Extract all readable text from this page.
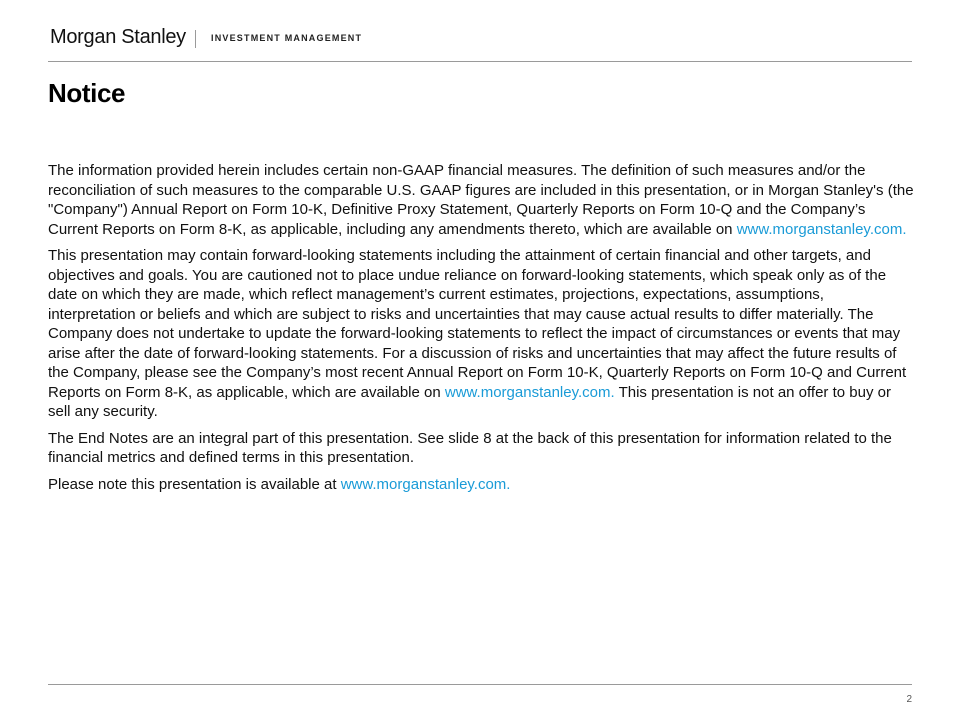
Morgan Stanley	INVESTMENT MANAGEMENT
Notice

The information provided herein includes certain non-GAAP financial measures. The definition of such measures and/or the reconciliation of such measures to the comparable U.S. GAAP figures are included in this presentation, or in Morgan Stanley's (the "Company") Annual Report on Form 10-K, Definitive Proxy Statement, Quarterly Reports on Form 10-Q and the Company’s Current Reports on Form 8-K, as applicable, including any amendments thereto, which are available on www.morganstanley.com.

This presentation may contain forward-looking statements including the attainment of certain financial and other targets, and objectives and goals. You are cautioned not to place undue reliance on forward-looking statements, which speak only as of the date on which they are made, which reflect management’s current estimates, projections, expectations, assumptions, interpretation or beliefs and which are subject to risks and uncertainties that may cause actual results to differ materially. The Company does not undertake to update the forward-looking statements to reflect the impact of circumstances or events that may arise after the date of forward-looking statements. For a discussion of risks and uncertainties that may affect the future results of the Company, please see the Company’s most recent Annual Report on Form 10-K, Quarterly Reports on Form 10-Q and Current Reports on Form 8-K, as applicable, which are available on www.morganstanley.com. This presentation is not an offer to buy or sell any security.

The End Notes are an integral part of this presentation. See slide 8 at the back of this presentation for information related to the financial metrics and defined terms in this presentation.

Please note this presentation is available at www.morganstanley.com.

2
